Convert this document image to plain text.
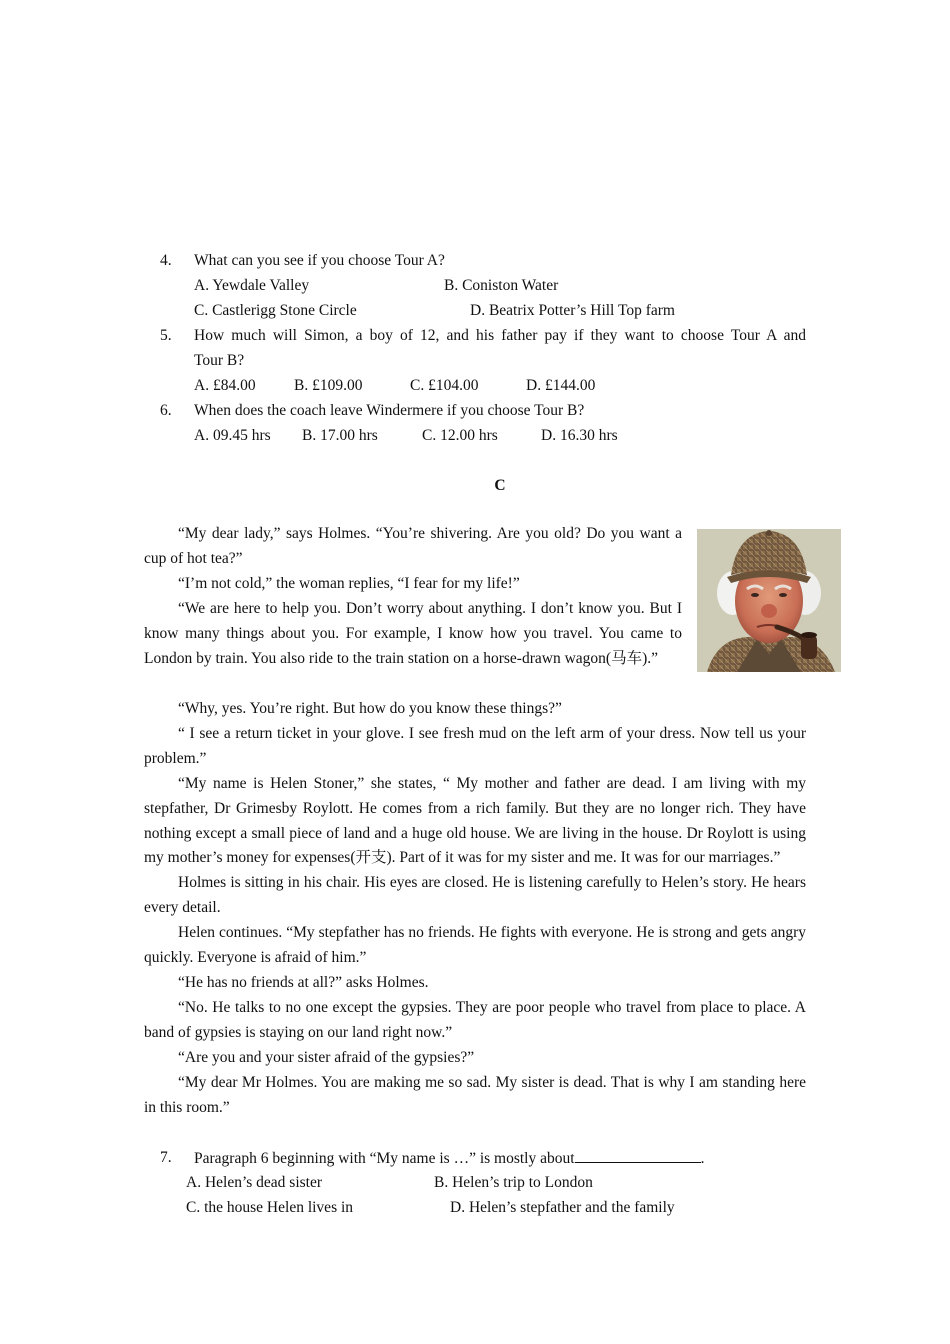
4. What can you see if you choose Tour A?
A. Yewdale Valley	B. Coniston Water
C. Castlerigg Stone Circle	D. Beatrix Potter’s Hill Top farm
5. How much will Simon, a boy of 12, and his father pay if they want to choose Tour A and
Tour B?
A. £84.00 B. £109.00	C. £104.00	D. £144.00
6. When does the coach leave Windermere if you choose Tour B?
A. 09.45 hrs B. 17.00 hrs	C. 12.00 hrs	D. 16.30 hrs
C

“My dear lady,” says Holmes. “You’re shivering. Are you old? Do you want a cup of hot tea?”

“I’m not cold,” the woman replies, “I fear for my life!”

“We are here to help you. Don’t worry about anything. I don’t know you. But I know many things about you. For example, I know how you travel. You came to London by train. You also ride to the train station on a horse-drawn wagon(马车).”

“Why, yes. You’re right. But how do you know these things?”

“ I see a return ticket in your glove. I see fresh mud on the left arm of your dress. Now tell us your problem.”

“My name is Helen Stoner,” she states, “ My mother and father are dead. I am living with my stepfather, Dr Grimesby Roylott. He comes from a rich family. But they are no longer rich. They have nothing except a small piece of land and a huge old house. We are living in the house. Dr Roylott is using my mother’s money for expenses(开支). Part of it was for my sister and me. It was for our marriages.”

Holmes is sitting in his chair. His eyes are closed. He is listening carefully to Helen’s story. He hears every detail.

Helen continues. “My stepfather has no friends. He fights with everyone. He is strong and gets angry quickly. Everyone is afraid of him.”

“He has no friends at all?” asks Holmes.

“No. He talks to no one except the gypsies. They are poor people who travel from place to place. A band of gypsies is staying on our land right now.”

“Are you and your sister afraid of the gypsies?”

“My dear Mr Holmes. You are making me so sad. My sister is dead. That is why I am standing here in this room.”

7. Paragraph 6 beginning with “My name is …” is mostly about	.
A. Helen’s dead sister	B. Helen’s trip to London
C. the house Helen lives in	D. Helen’s stepfather and the family
